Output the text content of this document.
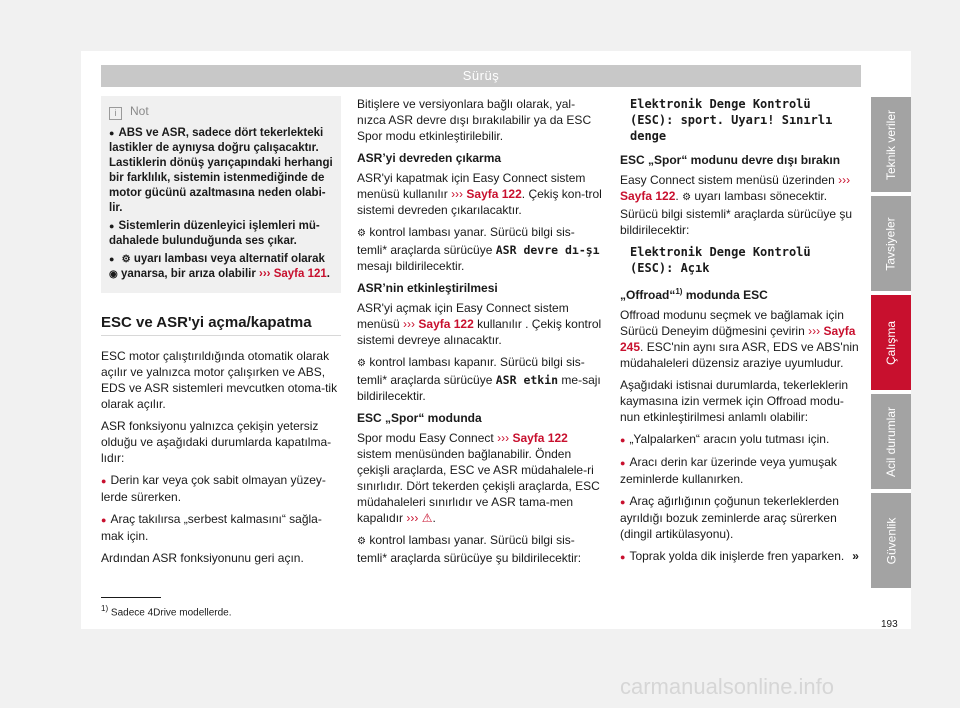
Sürüş
i Not

● ABS ve ASR, sadece dört tekerlekteki lastikler de aynıysa doğru çalışacaktır. Lastiklerin dönüş yarıçapındaki herhangi bir farklılık, sistemin istenmediğinde de motor gücünü azaltmasına neden olabi-lir.

● Sistemlerin düzenleyici işlemleri mü-dahalede bulunduğunda ses çıkar.

● ⚙ uyarı lambası veya alternatif olarak ◉ yanarsa, bir arıza olabilir ››› Sayfa 121.

ESC ve ASR'yi açma/kapatma

ESC motor çalıştırıldığında otomatik olarak açılır ve yalnızca motor çalışırken ve ABS, EDS ve ASR sistemleri mevcutken otoma-tik olarak açılır.

ASR fonksiyonu yalnızca çekişin yetersiz olduğu ve aşağıdaki durumlarda kapatılma-lıdır:

● Derin kar veya çok sabit olmayan yüzey-lerde sürerken.

● Araç takılırsa „serbest kalmasını“ sağla-mak için.

Ardından ASR fonksiyonunu geri açın.

Bitişlere ve versiyonlara bağlı olarak, yal-nızca ASR devre dışı bırakılabilir ya da ESC Spor modu etkinleştirilebilir.

ASR’yi devreden çıkarma

ASR'yi kapatmak için Easy Connect sistem menüsü kullanılır ››› Sayfa 122. Çekiş kon-trol sistemi devreden çıkarılacaktır.

⚙ kontrol lambası yanar. Sürücü bilgi sis-temli* araçlarda sürücüye ASR devre dı-şı mesajı bildirilecektir.

ASR’nin etkinleştirilmesi

ASR'yi açmak için Easy Connect sistem menüsü ››› Sayfa 122 kullanılır . Çekiş kontrol sistemi devreye alınacaktır.

⚙ kontrol lambası kapanır. Sürücü bilgi sis-temli* araçlarda sürücüye ASR etkin me-sajı bildirilecektir.

ESC „Spor“ modunda

Spor modu Easy Connect ››› Sayfa 122 sistem menüsünden bağlanabilir. Önden çekişli araçlarda, ESC ve ASR müdahalele-ri sınırlıdır. Dört tekerden çekişli araçlarda, ESC müdahaleleri sınırlıdır ve ASR tama-men kapalıdır ››› ⚠.

⚙ kontrol lambası yanar. Sürücü bilgi sis-temli* araçlarda sürücüye şu bildirilecektir:

Elektronik Denge Kontrolü (ESC): sport. Uyarı! Sınırlı denge
ESC „Spor“ modunu devre dışı bırakın

Easy Connect sistem menüsü üzerinden ››› Sayfa 122. ⚙ uyarı lambası sönecektir. Sürücü bilgi sistemli* araçlarda sürücüye şu bildirilecektir:

Elektronik Denge Kontrolü (ESC): Açık
„Offroad“$^{1)}$ modunda ESC

Offroad modunu seçmek ve bağlamak için Sürücü Deneyim düğmesini çevirin ››› Sayfa 245. ESC'nin aynı sıra ASR, EDS ve ABS'nin müdahaleleri düzensiz araziye uyumludur.

Aşağıdaki istisnai durumlarda, tekerleklerin kaymasına izin vermek için Offroad modu-nun etkinleştirilmesi anlamlı olabilir:

● „Yalpalarken“ aracın yolu tutması için.

● Aracı derin kar üzerinde veya yumuşak zeminlerde kullanırken.

● Araç ağırlığının çoğunun tekerleklerden ayrıldığı bozuk zeminlerde araç sürerken (dingil artikülasyonu).

● Toprak yolda dik inişlerde fren yaparken. »

Teknik veriler
Tavsiyeler
Çalışma
Acil durumlar
Güvenlik
$^{1)}$ Sadece 4Drive modellerde.
193
carmanualsonline.info
